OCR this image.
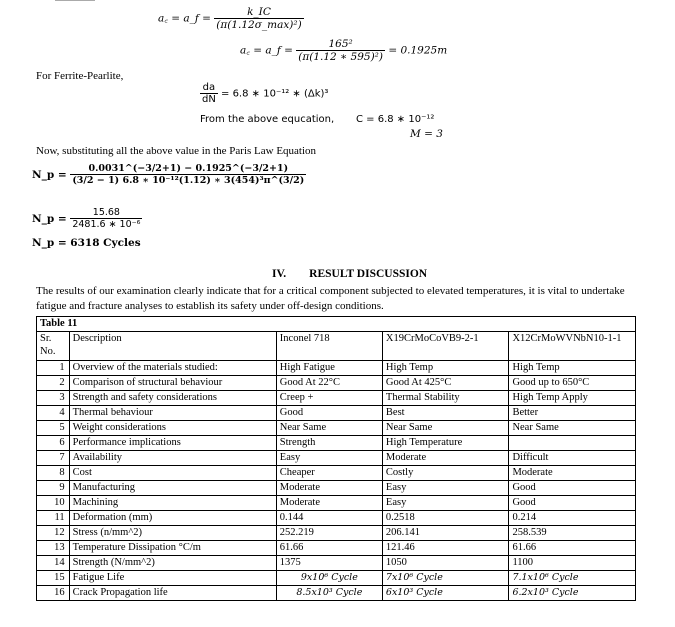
a꜀ = a_f = $\frac{k\_IC}{\text{(π(1.12σ\_max)²)}}$
a꜀ = a_f = $\frac{\text{165²}}{\text{(π(1.12 ∗ 595)²)}} = 0.1925m$
For Ferrite-Pearlite,
$\frac{da}{dN} = 6.8$ ∗ 10⁻¹² ∗ (Δk)³
From the above equcation, C = 6.8 ∗ 10⁻¹²
M = 3
Now, substituting all the above value in the Paris Law Equation
N_p = $\frac{0.0031\^{}(-3/2+1) - 0.1925\^{}(-3/2+1)}{\text{(3/2 − 1) 6.8 ∗ 10⁻¹²(1.12) ∗ 3(454)³π\textasciicircum{}(3/2)}}$
N_p = $\frac{15.68}{\text{2481.6 ∗ 10⁻⁶}}$
N_p = 6318 Cycles
IV.        RESULT DISCUSSION

The results of our examination clearly indicate that for a critical component subjected to elevated temperatures, it is vital to undertake fatigue and fracture analyses to establish its safety under off-design conditions.

Table 11				
Sr. No.	Description	Inconel 718	X19CrMoCoVB9-2-1	X12CrMoWVNbN10-1-1
1	Overview of the materials studied:	High Fatigue	High Temp	High Temp
2	Comparison of structural behaviour	Good At 22°C	Good At 425°C	Good up to 650°C
3	Strength and safety considerations	Creep +	Thermal Stability	High Temp Apply
4	Thermal behaviour	Good	Best	Better
5	Weight considerations	Near Same	Near Same	Near Same
6	Performance implications	Strength	High Temperature	
7	Availability	Easy	Moderate	Difficult
8	Cost	Cheaper	Costly	Moderate
9	Manufacturing	Moderate	Easy	Good
10	Machining	Moderate	Easy	Good
11	Deformation (mm)	0.144	0.2518	0.214
12	Stress (n/mm^2)	252.219	206.141	258.539
13	Temperature Dissipation °C/m	61.66	121.46	61.66
14	Strength (N/mm^2)	1375	1050	1100
15	Fatigue Life	9x10⁶ Cycle	7x10⁶ Cycle	7.1x10⁶ Cycle
16	Crack Propagation life	8.5x10³ Cycle	6x10³ Cycle	6.2x10³ Cycle
